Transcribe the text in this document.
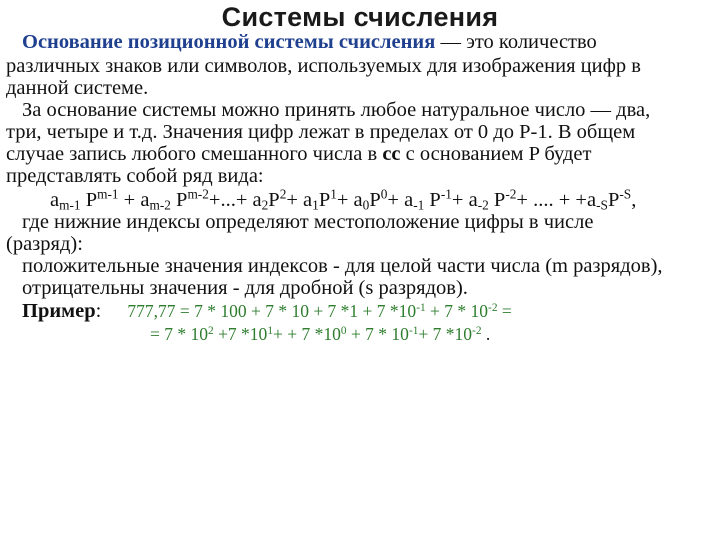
Системы счисления
Основание позиционной системы счисления — это количество
различных знаков или символов, используемых для изображения цифр в
данной системе.
За основание системы можно принять любое натуральное число — два,
три, четыре и т.д. Значения цифр лежат в пределах от 0 до P-1. В общем
случае запись любого смешанного числа в сс с основанием P будет
представлять собой ряд вида:
$a_{m-1}$ $P^{m-1} + a_{m-2}$ $P^{m-2}+...+ a_2P^2+ a_1P^1+ a_0P^0+ a_{-1}$ $P^{-1}+ a_{-2}$ $P^{-2}+$ .... + $+a_{-S}P^{-S}$,
где нижние индексы определяют местоположение цифры в числе
(разряд):
положительные значения индексов - для целой части числа (m разрядов),
отрицательны значения - для дробной (s разрядов).
Пример: 777,77 = 7 * 100 + 7 * 10 + 7 *1 + 7 $*10^{-1} + 7 * 10^{-2}$ =
= $7 * 10^2 +7$ $*10^1+ + 7$ $*10^0 + 7 * 10^{-1}+ 7$ $*10^{-2}$ .
